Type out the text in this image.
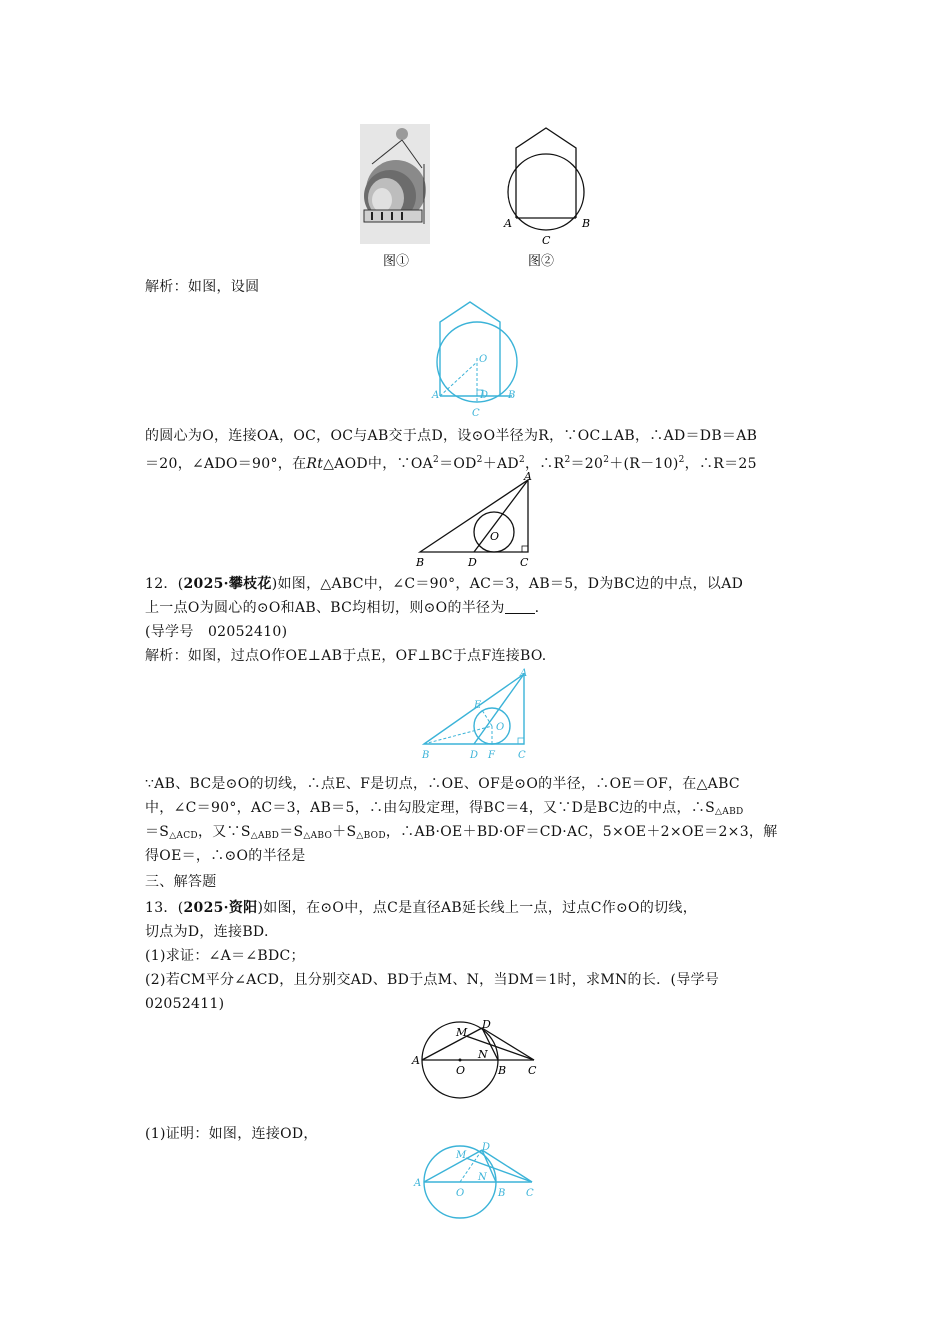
图①
A	B
C
图②
解析：如图，设圆
O
A	D B
C
的圆心为O，连接OA，OC，OC与AB交于点D，设⊙O半径为R，∵OC⊥AB，∴AD＝DB＝AB
＝20，∠ADO＝90°，在Rt△AOD中，$\because OA^2=OD^2+AD^2$，$\therefore R^2=20^2+(R-10)^2$，∴R＝25
A
B	D
O
C
12．(2025·攀枝花)如图，△ABC中，∠C＝90°，AC＝3，AB＝5，D为BC边的中点，以AD
上一点O为圆心的⊙O和AB、BC均相切，则⊙O的半径为 .
(导学号　02052410)
解析：如图，过点O作OE⊥AB于点E，OF⊥BC于点F连接BO.
A
E
O
B	D F C
∵AB、BC是⊙O的切线，∴点E、F是切点，∴OE、OF是⊙O的半径，∴OE＝OF，在△ABC
中，∠C＝90°，AC＝3，AB＝5，∴由勾股定理，得BC＝4，又∵D是BC边的中点，$\therefore S_{\triangle ABD}$
$=S_{\triangle ACD}$，又$\because S_{\triangle ABD}=S_{\triangle ABO}+S_{\triangle BOD}$，∴AB·OE＋BD·OF＝CD·AC，5×OE＋2×OE＝2×3，解
得OE＝，∴⊙O的半径是
三、解答题
13．(2025·资阳)如图，在⊙O中，点C是直径AB延长线上一点，过点C作⊙O的切线，
切点为D，连接BD.
(1)求证：∠A＝∠BDC；
(2)若CM平分∠ACD，且分别交AD、BD于点M、N，当DM＝1时，求MN的长．(导学号
02052411)
M
D
A	N
O	B C
(1)证明：如图，连接OD，
M
D
A
N
O	B C
